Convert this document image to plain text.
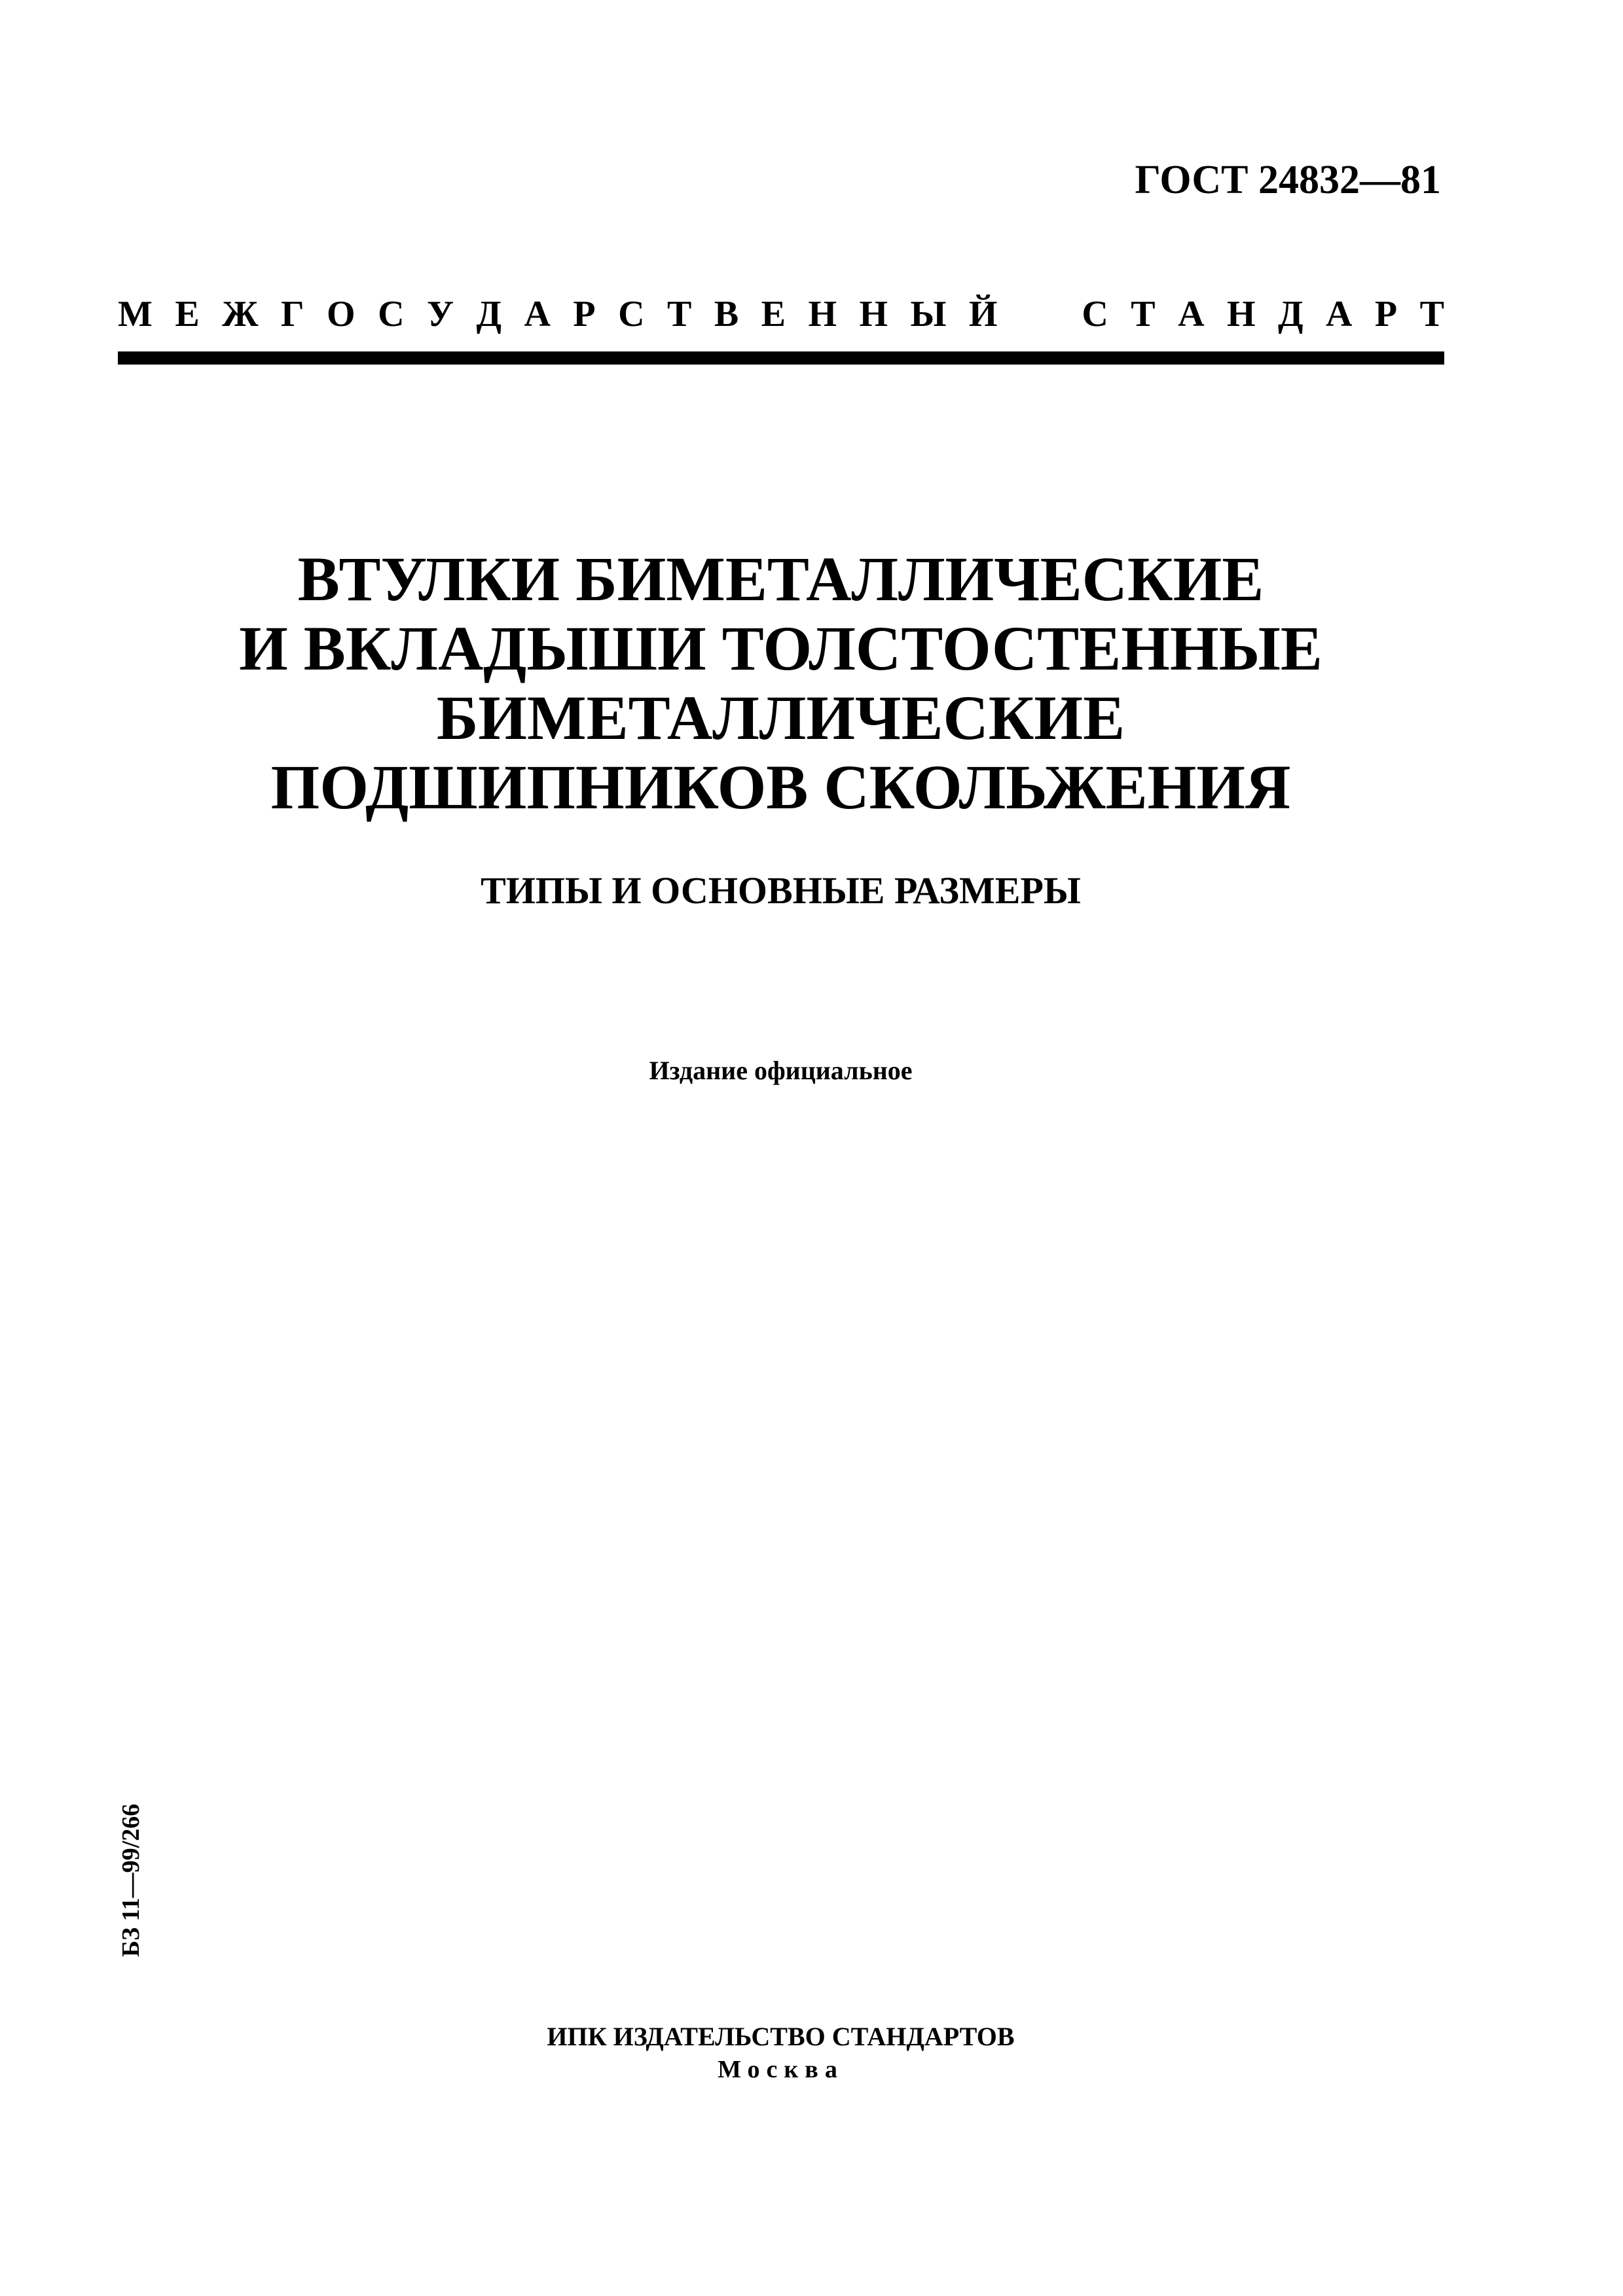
ГОСТ 24832—81
М Е Ж Г О С У Д А Р С Т В Е Н Н Ы Й С Т А Н Д А Р Т
ВТУЛКИ БИМЕТАЛЛИЧЕСКИЕ
И ВКЛАДЫШИ ТОЛСТОСТЕННЫЕ
БИМЕТАЛЛИЧЕСКИЕ
ПОДШИПНИКОВ СКОЛЬЖЕНИЯ
ТИПЫ И ОСНОВНЫЕ РАЗМЕРЫ
Издание официальное
БЗ 11—99/266
ИПК ИЗДАТЕЛЬСТВО СТАНДАРТОВ
Москва
